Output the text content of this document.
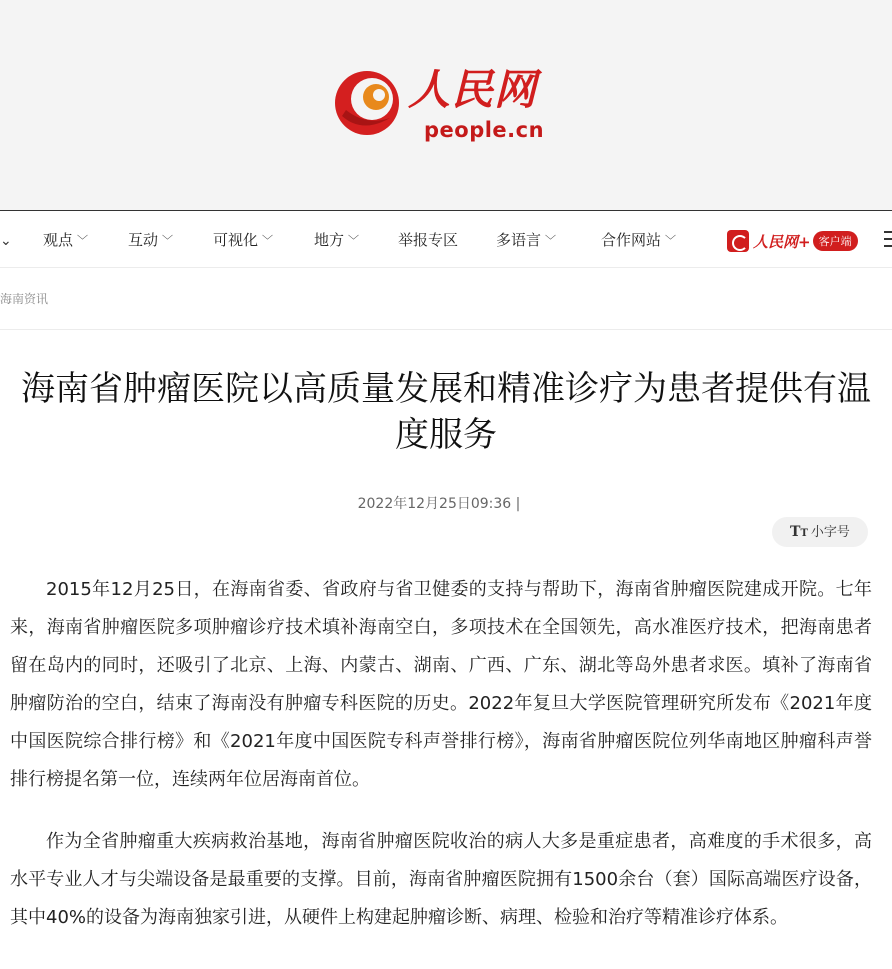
人民网
people.cn
⌄ 观点 ﹀	互动 ﹀	可视化 ﹀	地方 ﹀	举报专区	多语言 ﹀	合作网站 ﹀	人民网+ 客户端
海南资讯
海南省肿瘤医院以高质量发展和精准诊疗为患者提供有温度服务
2022年12月25日09:36 |
TT 小字号

2015年12月25日，在海南省委、省政府与省卫健委的支持与帮助下，海南省肿瘤医院建成开院。七年来，海南省肿瘤医院多项肿瘤诊疗技术填补海南空白，多项技术在全国领先，高水准医疗技术，把海南患者留在岛内的同时，还吸引了北京、上海、内蒙古、湖南、广西、广东、湖北等岛外患者求医。填补了海南省肿瘤防治的空白，结束了海南没有肿瘤专科医院的历史。2022年复旦大学医院管理研究所发布《2021年度中国医院综合排行榜》和《2021年度中国医院专科声誉排行榜》，海南省肿瘤医院位列华南地区肿瘤科声誉排行榜提名第一位，连续两年位居海南首位。

作为全省肿瘤重大疾病救治基地，海南省肿瘤医院收治的病人大多是重症患者，高难度的手术很多，高水平专业人才与尖端设备是最重要的支撑。目前，海南省肿瘤医院拥有1500余台（套）国际高端医疗设备，其中40%的设备为海南独家引进，从硬件上构建起肿瘤诊断、病理、检验和治疗等精准诊疗体系。
